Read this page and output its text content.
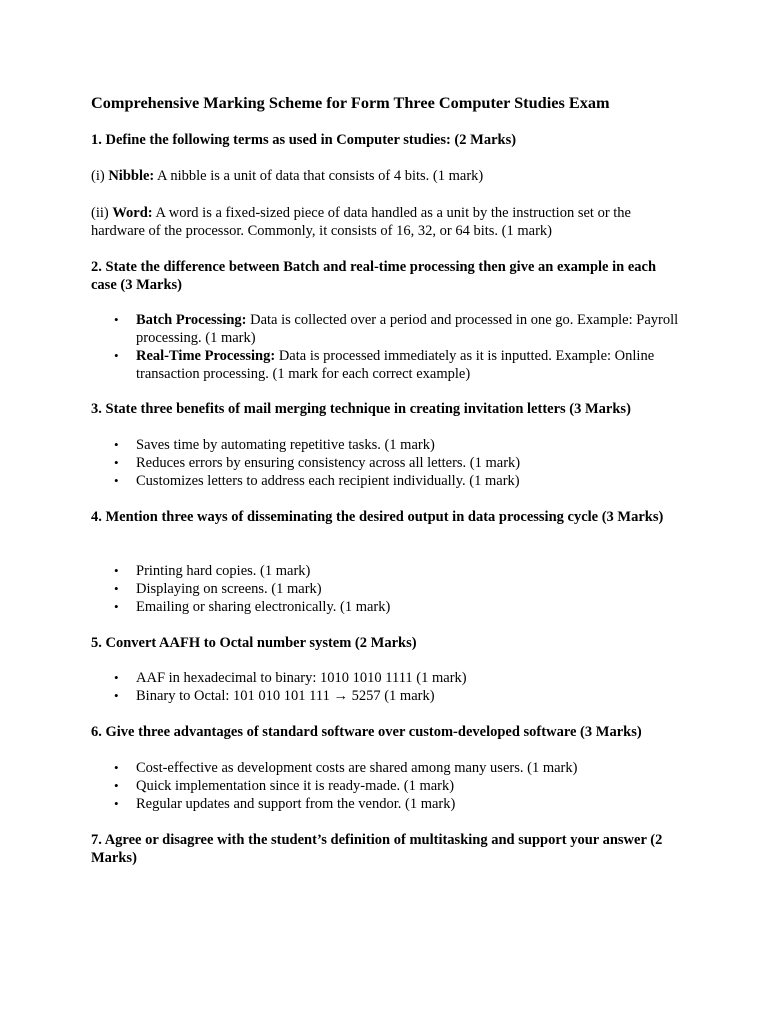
Comprehensive Marking Scheme for Form Three Computer Studies Exam

1. Define the following terms as used in Computer studies: (2 Marks)

(i) Nibble: A nibble is a unit of data that consists of 4 bits. (1 mark)

(ii) Word: A word is a fixed-sized piece of data handled as a unit by the instruction set or the hardware of the processor. Commonly, it consists of 16, 32, or 64 bits. (1 mark)

2. State the difference between Batch and real-time processing then give an example in each case (3 Marks)

• Batch Processing: Data is collected over a period and processed in one go. Example: Payroll processing. (1 mark)
• Real-Time Processing: Data is processed immediately as it is inputted. Example: Online transaction processing. (1 mark for each correct example)

3. State three benefits of mail merging technique in creating invitation letters (3 Marks)

• Saves time by automating repetitive tasks. (1 mark)
• Reduces errors by ensuring consistency across all letters. (1 mark)
• Customizes letters to address each recipient individually. (1 mark)

4. Mention three ways of disseminating the desired output in data processing cycle (3 Marks)

• Printing hard copies. (1 mark)
• Displaying on screens. (1 mark)
• Emailing or sharing electronically. (1 mark)

5. Convert AAFH to Octal number system (2 Marks)

• AAF in hexadecimal to binary: 1010 1010 1111 (1 mark)
• Binary to Octal: 101 010 101 111 → 5257 (1 mark)

6. Give three advantages of standard software over custom-developed software (3 Marks)

• Cost-effective as development costs are shared among many users. (1 mark)
• Quick implementation since it is ready-made. (1 mark)
• Regular updates and support from the vendor. (1 mark)

7. Agree or disagree with the student’s definition of multitasking and support your answer (2 Marks)
